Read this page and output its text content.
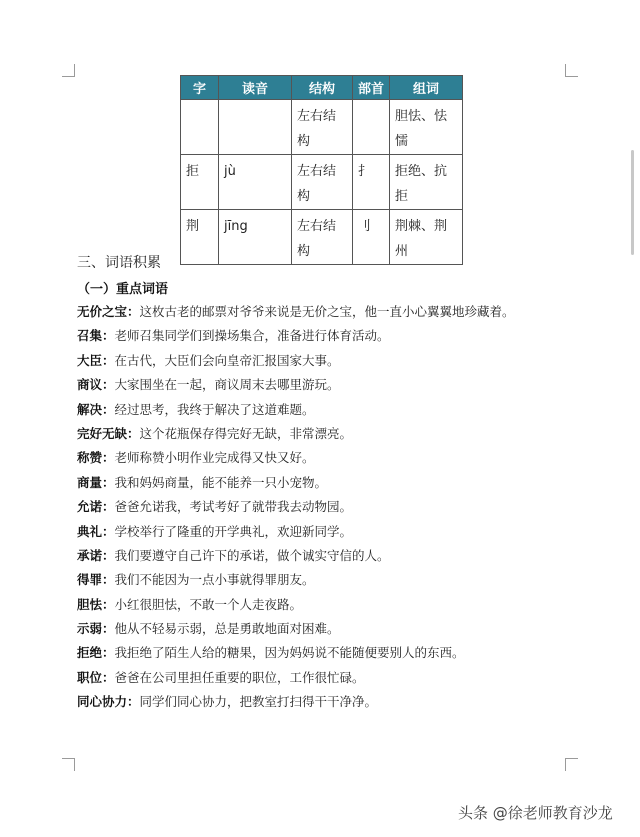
字	读音	结构	部首	组词
		左右结构		胆怯、怯懦
拒	jù	左右结构	扌	拒绝、抗拒
荆	jīng	左右结构	刂	荆棘、荆州
三、词语积累
（一）重点词语
无价之宝：这枚古老的邮票对爷爷来说是无价之宝，他一直小心翼翼地珍藏着。
召集：老师召集同学们到操场集合，准备进行体育活动。
大臣：在古代，大臣们会向皇帝汇报国家大事。
商议：大家围坐在一起，商议周末去哪里游玩。
解决：经过思考，我终于解决了这道难题。
完好无缺：这个花瓶保存得完好无缺，非常漂亮。
称赞：老师称赞小明作业完成得又快又好。
商量：我和妈妈商量，能不能养一只小宠物。
允诺：爸爸允诺我，考试考好了就带我去动物园。
典礼：学校举行了隆重的开学典礼，欢迎新同学。
承诺：我们要遵守自己许下的承诺，做个诚实守信的人。
得罪：我们不能因为一点小事就得罪朋友。
胆怯：小红很胆怯，不敢一个人走夜路。
示弱：他从不轻易示弱，总是勇敢地面对困难。
拒绝：我拒绝了陌生人给的糖果，因为妈妈说不能随便要别人的东西。
职位：爸爸在公司里担任重要的职位，工作很忙碌。
同心协力：同学们同心协力，把教室打扫得干干净净。
头条 @徐老师教育沙龙
